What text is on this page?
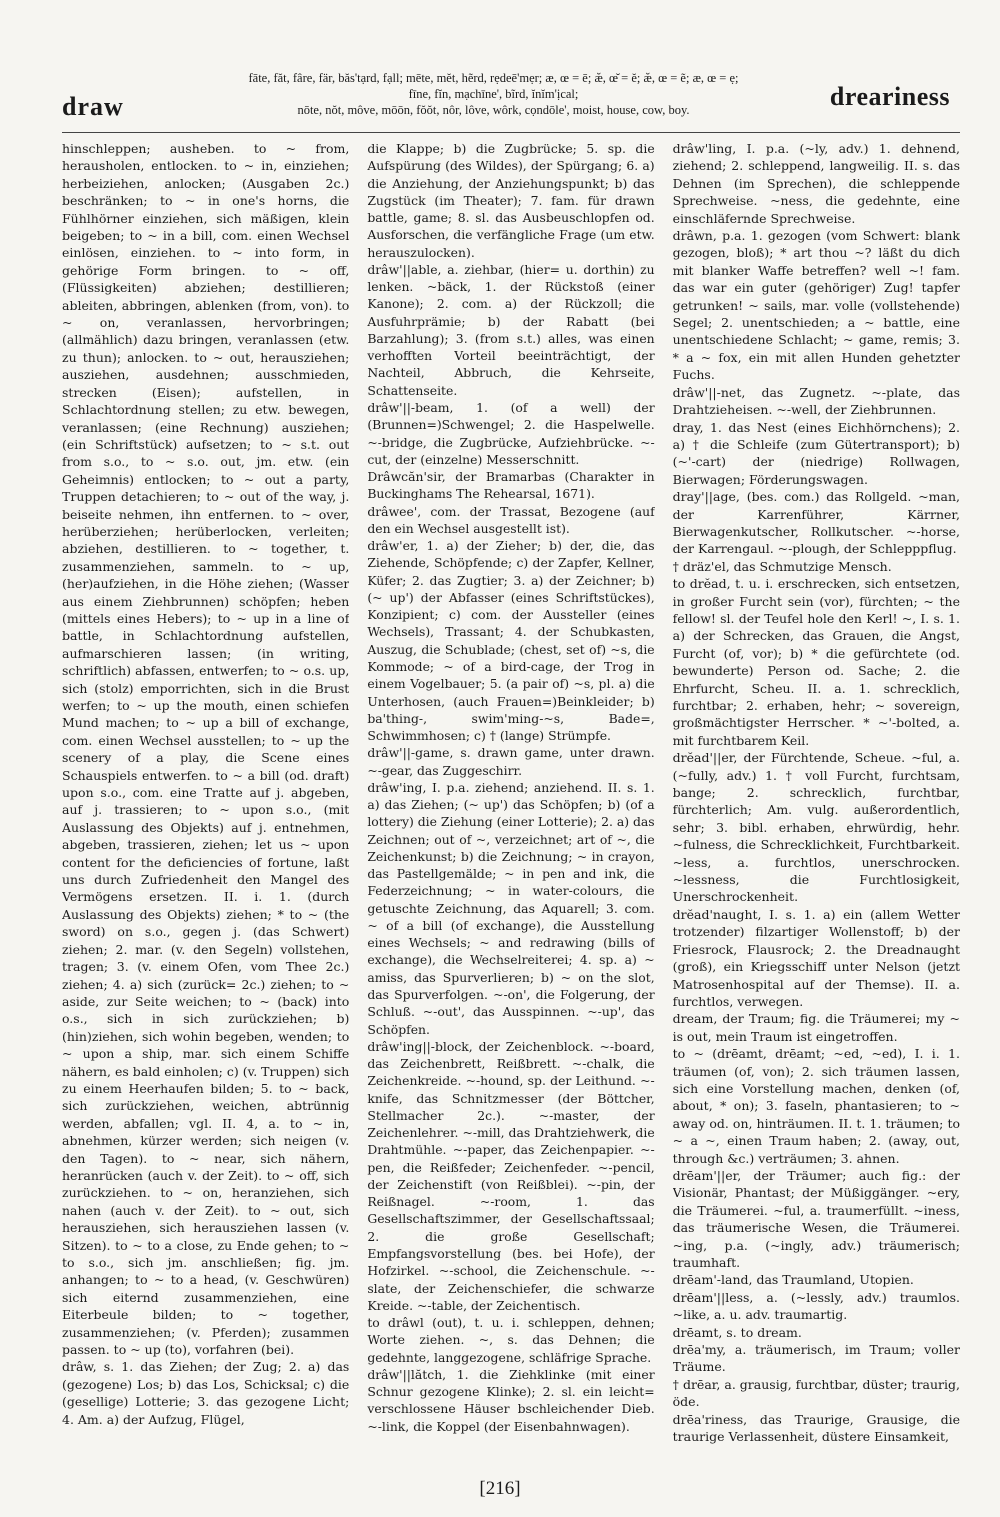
draw
fāte, făt, fâre, fär, băs'tạrd, fạll; mēte, mĕt, hẽrd, rẹdeē'mẹr; æ, œ = ē; æ̆, œ̆ = ĕ; æ̆, œ = ẽ; æ, œ = ẹ;
fīne, fĭn, mạchīne', bĩrd, ĭnĭm'ịcal;
nōte, nŏt, môve, mōōn, fŏŏt, nôr, lôve, wôrk, cọndōle', moist, house, cow, boy.	dreariness

hinschleppen; ausheben. to ~ from, herausholen, entlocken. to ~ in, einziehen; herbeiziehen, anlocken; (Ausgaben 2c.) beschränken; to ~ in one's horns, die Fühlhörner einziehen, sich mäßigen, klein beigeben; to ~ in a bill, com. einen Wechsel einlösen, einziehen. to ~ into form, in gehörige Form bringen. to ~ off, (Flüssigkeiten) abziehen; destillieren; ableiten, abbringen, ablenken (from, von). to ~ on, veranlassen, hervorbringen; (allmählich) dazu bringen, veranlassen (etw. zu thun); anlocken. to ~ out, herausziehen; ausziehen, ausdehnen; ausschmieden, strecken (Eisen); aufstellen, in Schlachtordnung stellen; zu etw. bewegen, veranlassen; (eine Rechnung) ausziehen; (ein Schriftstück) aufsetzen; to ~ s.t. out from s.o., to ~ s.o. out, jm. etw. (ein Geheimnis) entlocken; to ~ out a party, Truppen detachieren; to ~ out of the way, j. beiseite nehmen, ihn entfernen. to ~ over, herüberziehen; herüberlocken, verleiten; abziehen, destillieren. to ~ together, t. zusammenziehen, sammeln. to ~ up, (her)aufziehen, in die Höhe ziehen; (Wasser aus einem Ziehbrunnen) schöpfen; heben (mittels eines Hebers); to ~ up in a line of battle, in Schlachtordnung aufstellen, aufmarschieren lassen; (in writing, schriftlich) abfassen, entwerfen; to ~ o.s. up, sich (stolz) emporrichten, sich in die Brust werfen; to ~ up the mouth, einen schiefen Mund machen; to ~ up a bill of exchange, com. einen Wechsel ausstellen; to ~ up the scenery of a play, die Scene eines Schauspiels entwerfen. to ~ a bill (od. draft) upon s.o., com. eine Tratte auf j. abgeben, auf j. trassieren; to ~ upon s.o., (mit Auslassung des Objekts) auf j. entnehmen, abgeben, trassieren, ziehen; let us ~ upon content for the deficiencies of fortune, laßt uns durch Zufriedenheit den Mangel des Vermögens ersetzen. II. i. 1. (durch Auslassung des Objekts) ziehen; * to ~ (the sword) on s.o., gegen j. (das Schwert) ziehen; 2. mar. (v. den Segeln) vollstehen, tragen; 3. (v. einem Ofen, vom Thee 2c.) ziehen; 4. a) sich (zurück= 2c.) ziehen; to ~ aside, zur Seite weichen; to ~ (back) into o.s., sich in sich zurückziehen; b) (hin)ziehen, sich wohin begeben, wenden; to ~ upon a ship, mar. sich einem Schiffe nähern, es bald einholen; c) (v. Truppen) sich zu einem Heerhaufen bilden; 5. to ~ back, sich zurückziehen, weichen, abtrünnig werden, abfallen; vgl. II. 4, a. to ~ in, abnehmen, kürzer werden; sich neigen (v. den Tagen). to ~ near, sich nähern, heranrücken (auch v. der Zeit). to ~ off, sich zurückziehen. to ~ on, heranziehen, sich nahen (auch v. der Zeit). to ~ out, sich herausziehen, sich herausziehen lassen (v. Sitzen). to ~ to a close, zu Ende gehen; to ~ to s.o., sich jm. anschließen; fig. jm. anhangen; to ~ to a head, (v. Geschwüren) sich eiternd zusammenziehen, eine Eiterbeule bilden; to ~ together, zusammenziehen; (v. Pferden); zusammen passen. to ~ up (to), vorfahren (bei).

drâw, s. 1. das Ziehen; der Zug; 2. a) das (gezogene) Los; b) das Los, Schicksal; c) die (gesellige) Lotterie; 3. das gezogene Licht; 4. Am. a) der Aufzug, Flügel,

die Klappe; b) die Zugbrücke; 5. sp. die Aufspürung (des Wildes), der Spürgang; 6. a) die Anziehung, der Anziehungspunkt; b) das Zugstück (im Theater); 7. fam. für drawn battle, game; 8. sl. das Ausbeuschlopfen od. Ausforschen, die verfängliche Frage (um etw. herauszulocken).

drâw'||able, a. ziehbar, (hier= u. dorthin) zu lenken. ~bäck, 1. der Rückstoß (einer Kanone); 2. com. a) der Rückzoll; die Ausfuhrprämie; b) der Rabatt (bei Barzahlung); 3. (from s.t.) alles, was einen verhofften Vorteil beeinträchtigt, der Nachteil, Abbruch, die Kehrseite, Schattenseite.

drâw'||-beam, 1. (of a well) der (Brunnen=)Schwengel; 2. die Haspelwelle. ~-bridge, die Zugbrücke, Aufziehbrücke. ~-cut, der (einzelne) Messerschnitt.

Drâwcăn'sir, der Bramarbas (Charakter in Buckinghams The Rehearsal, 1671).

drâwee', com. der Trassat, Bezogene (auf den ein Wechsel ausgestellt ist).

drâw'er, 1. a) der Zieher; b) der, die, das Ziehende, Schöpfende; c) der Zapfer, Kellner, Küfer; 2. das Zugtier; 3. a) der Zeichner; b) (~ up') der Abfasser (eines Schriftstückes), Konzipient; c) com. der Aussteller (eines Wechsels), Trassant; 4. der Schubkasten, Auszug, die Schublade; (chest, set of) ~s, die Kommode; ~ of a bird-cage, der Trog in einem Vogelbauer; 5. (a pair of) ~s, pl. a) die Unterhosen, (auch Frauen=)Beinkleider; b) ba'thing-, swim'ming-~s, Bade=, Schwimmhosen; c) † (lange) Strümpfe.

drâw'||-game, s. drawn game, unter drawn. ~-gear, das Zuggeschirr.

drâw'ing, I. p.a. ziehend; anziehend. II. s. 1. a) das Ziehen; (~ up') das Schöpfen; b) (of a lottery) die Ziehung (einer Lotterie); 2. a) das Zeichnen; out of ~, verzeichnet; art of ~, die Zeichenkunst; b) die Zeichnung; ~ in crayon, das Pastellgemälde; ~ in pen and ink, die Federzeichnung; ~ in water-colours, die getuschte Zeichnung, das Aquarell; 3. com. ~ of a bill (of exchange), die Ausstellung eines Wechsels; ~ and redrawing (bills of exchange), die Wechselreiterei; 4. sp. a) ~ amiss, das Spurverlieren; b) ~ on the slot, das Spurverfolgen. ~-on', die Folgerung, der Schluß. ~-out', das Ausspinnen. ~-up', das Schöpfen.

drâw'ing||-block, der Zeichenblock. ~-board, das Zeichenbrett, Reißbrett. ~-chalk, die Zeichenkreide. ~-hound, sp. der Leithund. ~-knife, das Schnitzmesser (der Böttcher, Stellmacher 2c.). ~-master, der Zeichenlehrer. ~-mill, das Drahtziehwerk, die Drahtmühle. ~-paper, das Zeichenpapier. ~-pen, die Reißfeder; Zeichenfeder. ~-pencil, der Zeichenstift (von Reißblei). ~-pin, der Reißnagel. ~-room, 1. das Gesellschaftszimmer, der Gesellschaftssaal; 2. die große Gesellschaft; Empfangsvorstellung (bes. bei Hofe), der Hofzirkel. ~-school, die Zeichenschule. ~-slate, der Zeichenschiefer, die schwarze Kreide. ~-table, der Zeichentisch.

to drâwl (out), t. u. i. schleppen, dehnen; Worte ziehen. ~, s. das Dehnen; die gedehnte, langgezogene, schläfrige Sprache.

drâw'||lătch, 1. die Ziehklinke (mit einer Schnur gezogene Klinke); 2. sl. ein leicht= verschlossene Häuser bschleichender Dieb. ~-link, die Koppel (der Eisenbahnwagen).

drâw'ling, I. p.a. (~ly, adv.) 1. dehnend, ziehend; 2. schleppend, langweilig. II. s. das Dehnen (im Sprechen), die schleppende Sprechweise. ~ness, die gedehnte, eine einschläfernde Sprechweise.

drâwn, p.a. 1. gezogen (vom Schwert: blank gezogen, bloß); * art thou ~? läßt du dich mit blanker Waffe betreffen? well ~! fam. das war ein guter (gehöriger) Zug! tapfer getrunken! ~ sails, mar. volle (vollstehende) Segel; 2. unentschieden; a ~ battle, eine unentschiedene Schlacht; ~ game, remis; 3. * a ~ fox, ein mit allen Hunden gehetzter Fuchs.

drâw'||-net, das Zugnetz. ~-plate, das Drahtzieheisen. ~-well, der Ziehbrunnen.

dray, 1. das Nest (eines Eichhörnchens); 2. a) † die Schleife (zum Gütertransport); b) (~'-cart) der (niedrige) Rollwagen, Bierwagen; Förderungswagen.

dray'||age, (bes. com.) das Rollgeld. ~man, der Karrenführer, Kärrner, Bierwagenkutscher, Rollkutscher. ~-horse, der Karrengaul. ~-plough, der Schlepppflug.

† dräz'el, das Schmutzige Mensch.

to drĕad, t. u. i. erschrecken, sich entsetzen, in großer Furcht sein (vor), fürchten; ~ the fellow! sl. der Teufel hole den Kerl! ~, I. s. 1. a) der Schrecken, das Grauen, die Angst, Furcht (of, vor); b) * die gefürchtete (od. bewunderte) Person od. Sache; 2. die Ehrfurcht, Scheu. II. a. 1. schrecklich, furchtbar; 2. erhaben, hehr; ~ sovereign, großmächtigster Herrscher. * ~'-bolted, a. mit furchtbarem Keil.

drĕad'||er, der Fürchtende, Scheue. ~ful, a. (~fully, adv.) 1. † voll Furcht, furchtsam, bange; 2. schrecklich, furchtbar, fürchterlich; Am. vulg. außerordentlich, sehr; 3. bibl. erhaben, ehrwürdig, hehr. ~fulness, die Schrecklichkeit, Furchtbarkeit. ~less, a. furchtlos, unerschrocken. ~lessness, die Furchtlosigkeit, Unerschrockenheit.

drĕad'naught, I. s. 1. a) ein (allem Wetter trotzender) filzartiger Wollenstoff; b) der Friesrock, Flausrock; 2. the Dreadnaught (groß), ein Kriegsschiff unter Nelson (jetzt Matrosenhospital auf der Themse). II. a. furchtlos, verwegen.

dream, der Traum; fig. die Träumerei; my ~ is out, mein Traum ist eingetroffen.

to ~ (drēamt, drēamt; ~ed, ~ed), I. i. 1. träumen (of, von); 2. sich träumen lassen, sich eine Vorstellung machen, denken (of, about, * on); 3. faseln, phantasieren; to ~ away od. on, hinträumen. II. t. 1. träumen; to ~ a ~, einen Traum haben; 2. (away, out, through &c.) verträumen; 3. ahnen.

drēam'||er, der Träumer; auch fig.: der Visionär, Phantast; der Müßiggänger. ~ery, die Träumerei. ~ful, a. traumerfüllt. ~iness, das träumerische Wesen, die Träumerei. ~ing, p.a. (~ingly, adv.) träumerisch; traumhaft.

drēam'-land, das Traumland, Utopien.

drēam'||less, a. (~lessly, adv.) traumlos. ~like, a. u. adv. traumartig.

drēamt, s. to dream.

drēa'my, a. träumerisch, im Traum; voller Träume.

† drēar, a. grausig, furchtbar, düster; traurig, öde.

drēa'riness, das Traurige, Grausige, die traurige Verlassenheit, düstere Einsamkeit,

[216]
